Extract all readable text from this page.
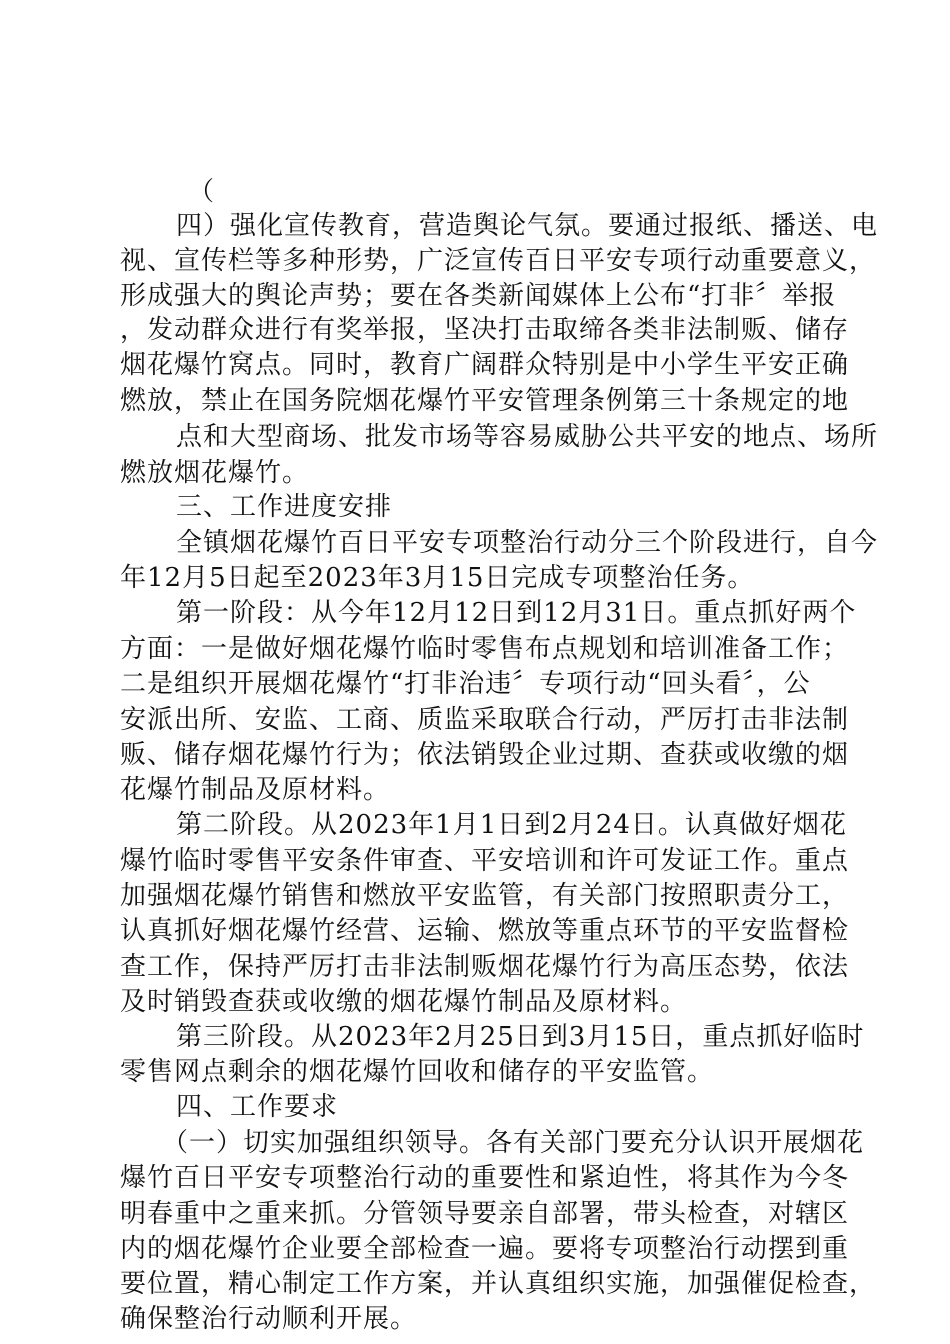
（
四）强化宣传教育，营造舆论气氛。要通过报纸、播送、电
视、宣传栏等多种形势，广泛宣传百日平安专项行动重要意义，
形成强大的舆论声势；要在各类新闻媒体上公布“打非〞举报
，发动群众进行有奖举报，坚决打击取缔各类非法制贩、储存
烟花爆竹窝点。同时，教育广阔群众特别是中小学生平安正确
燃放，禁止在国务院烟花爆竹平安管理条例第三十条规定的地
点和大型商场、批发市场等容易威胁公共平安的地点、场所
燃放烟花爆竹。
三、工作进度安排
全镇烟花爆竹百日平安专项整治行动分三个阶段进行，自今
年12月5日起至2023年3月15日完成专项整治任务。
第一阶段：从今年12月12日到12月31日。重点抓好两个
方面：一是做好烟花爆竹临时零售布点规划和培训准备工作；
二是组织开展烟花爆竹“打非治违〞专项行动“回头看〞，公
安派出所、安监、工商、质监采取联合行动，严厉打击非法制
贩、储存烟花爆竹行为；依法销毁企业过期、查获或收缴的烟
花爆竹制品及原材料。
第二阶段。从2023年1月1日到2月24日。认真做好烟花
爆竹临时零售平安条件审查、平安培训和许可发证工作。重点
加强烟花爆竹销售和燃放平安监管，有关部门按照职责分工，
认真抓好烟花爆竹经营、运输、燃放等重点环节的平安监督检
查工作，保持严厉打击非法制贩烟花爆竹行为高压态势，依法
及时销毁查获或收缴的烟花爆竹制品及原材料。
第三阶段。从2023年2月25日到3月15日，重点抓好临时
零售网点剩余的烟花爆竹回收和储存的平安监管。
四、工作要求
（一）切实加强组织领导。各有关部门要充分认识开展烟花
爆竹百日平安专项整治行动的重要性和紧迫性，将其作为今冬
明春重中之重来抓。分管领导要亲自部署，带头检查，对辖区
内的烟花爆竹企业要全部检查一遍。要将专项整治行动摆到重
要位置，精心制定工作方案，并认真组织实施，加强催促检查，
确保整治行动顺利开展。
